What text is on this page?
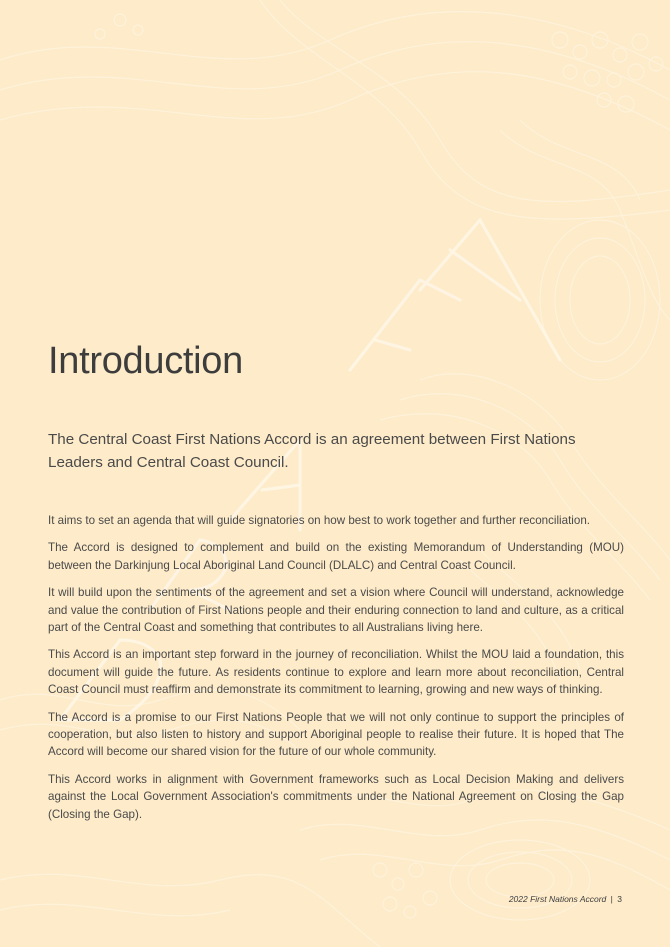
Introduction

The Central Coast First Nations Accord is an agreement between First Nations Leaders and Central Coast Council.

It aims to set an agenda that will guide signatories on how best to work together and further reconciliation.

The Accord is designed to complement and build on the existing Memorandum of Understanding (MOU) between the Darkinjung Local Aboriginal Land Council (DLALC) and Central Coast Council.

It will build upon the sentiments of the agreement and set a vision where Council will understand, acknowledge and value the contribution of First Nations people and their enduring connection to land and culture, as a critical part of the Central Coast and something that contributes to all Australians living here.

This Accord is an important step forward in the journey of reconciliation. Whilst the MOU laid a foundation, this document will guide the future. As residents continue to explore and learn more about reconciliation, Central Coast Council must reaffirm and demonstrate its commitment to learning, growing and new ways of thinking.

The Accord is a promise to our First Nations People that we will not only continue to support the principles of cooperation, but also listen to history and support Aboriginal people to realise their future. It is hoped that The Accord will become our shared vision for the future of our whole community.

This Accord works in alignment with Government frameworks such as Local Decision Making and delivers against the Local Government Association's commitments under the National Agreement on Closing the Gap (Closing the Gap).

2022 First Nations Accord | 3
